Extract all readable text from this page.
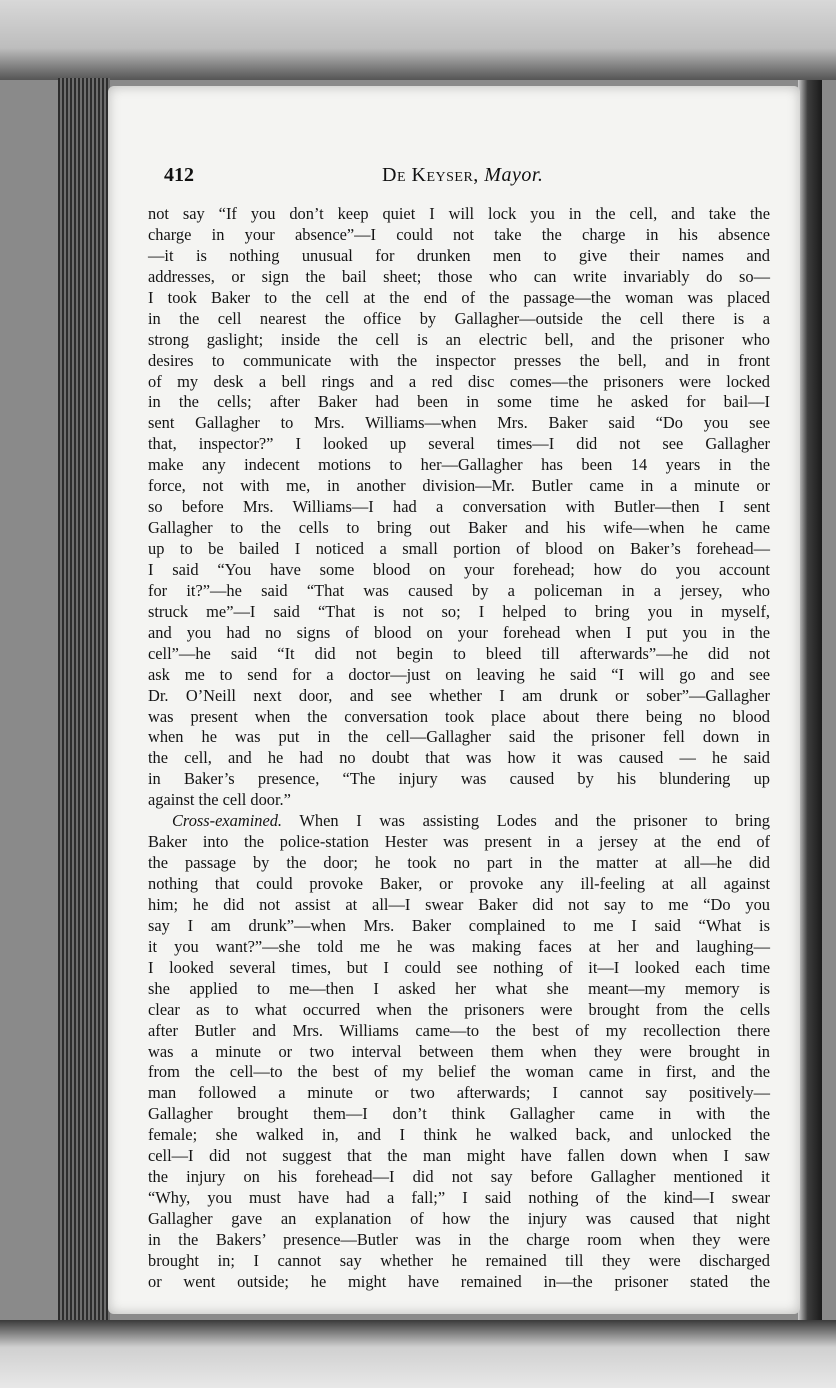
412	De Keyser, Mayor.
not say “If you don’t keep quiet I will lock you in the cell, and take the
charge in your absence”—I could not take the charge in his absence
—it is nothing unusual for drunken men to give their names and
addresses, or sign the bail sheet; those who can write invariably do so—
I took Baker to the cell at the end of the passage—the woman was placed
in the cell nearest the office by Gallagher—outside the cell there is a
strong gaslight; inside the cell is an electric bell, and the prisoner who
desires to communicate with the inspector presses the bell, and in front
of my desk a bell rings and a red disc comes—the prisoners were locked
in the cells; after Baker had been in some time he asked for bail—I
sent Gallagher to Mrs. Williams—when Mrs. Baker said “Do you see
that, inspector?” I looked up several times—I did not see Gallagher
make any indecent motions to her—Gallagher has been 14 years in the
force, not with me, in another division—Mr. Butler came in a minute or
so before Mrs. Williams—I had a conversation with Butler—then I sent
Gallagher to the cells to bring out Baker and his wife—when he came
up to be bailed I noticed a small portion of blood on Baker’s forehead—
I said “You have some blood on your forehead; how do you account
for it?”—he said “That was caused by a policeman in a jersey, who
struck me”—I said “That is not so; I helped to bring you in myself,
and you had no signs of blood on your forehead when I put you in the
cell”—he said “It did not begin to bleed till afterwards”—he did not
ask me to send for a doctor—just on leaving he said “I will go and see
Dr. O’Neill next door, and see whether I am drunk or sober”—Gallagher
was present when the conversation took place about there being no blood
when he was put in the cell—Gallagher said the prisoner fell down in
the cell, and he had no doubt that was how it was caused — he said
in Baker’s presence, “The injury was caused by his blundering up
against the cell door.”
Cross-examined. When I was assisting Lodes and the prisoner to bring
Baker into the police-station Hester was present in a jersey at the end of
the passage by the door; he took no part in the matter at all—he did
nothing that could provoke Baker, or provoke any ill-feeling at all against
him; he did not assist at all—I swear Baker did not say to me “Do you
say I am drunk”—when Mrs. Baker complained to me I said “What is
it you want?”—she told me he was making faces at her and laughing—
I looked several times, but I could see nothing of it—I looked each time
she applied to me—then I asked her what she meant—my memory is
clear as to what occurred when the prisoners were brought from the cells
after Butler and Mrs. Williams came—to the best of my recollection there
was a minute or two interval between them when they were brought in
from the cell—to the best of my belief the woman came in first, and the
man followed a minute or two afterwards; I cannot say positively—
Gallagher brought them—I don’t think Gallagher came in with the
female; she walked in, and I think he walked back, and unlocked the
cell—I did not suggest that the man might have fallen down when I saw
the injury on his forehead—I did not say before Gallagher mentioned it
“Why, you must have had a fall;” I said nothing of the kind—I swear
Gallagher gave an explanation of how the injury was caused that night
in the Bakers’ presence—Butler was in the charge room when they were
brought in; I cannot say whether he remained till they were discharged
or went outside; he might have remained in—the prisoner stated the
